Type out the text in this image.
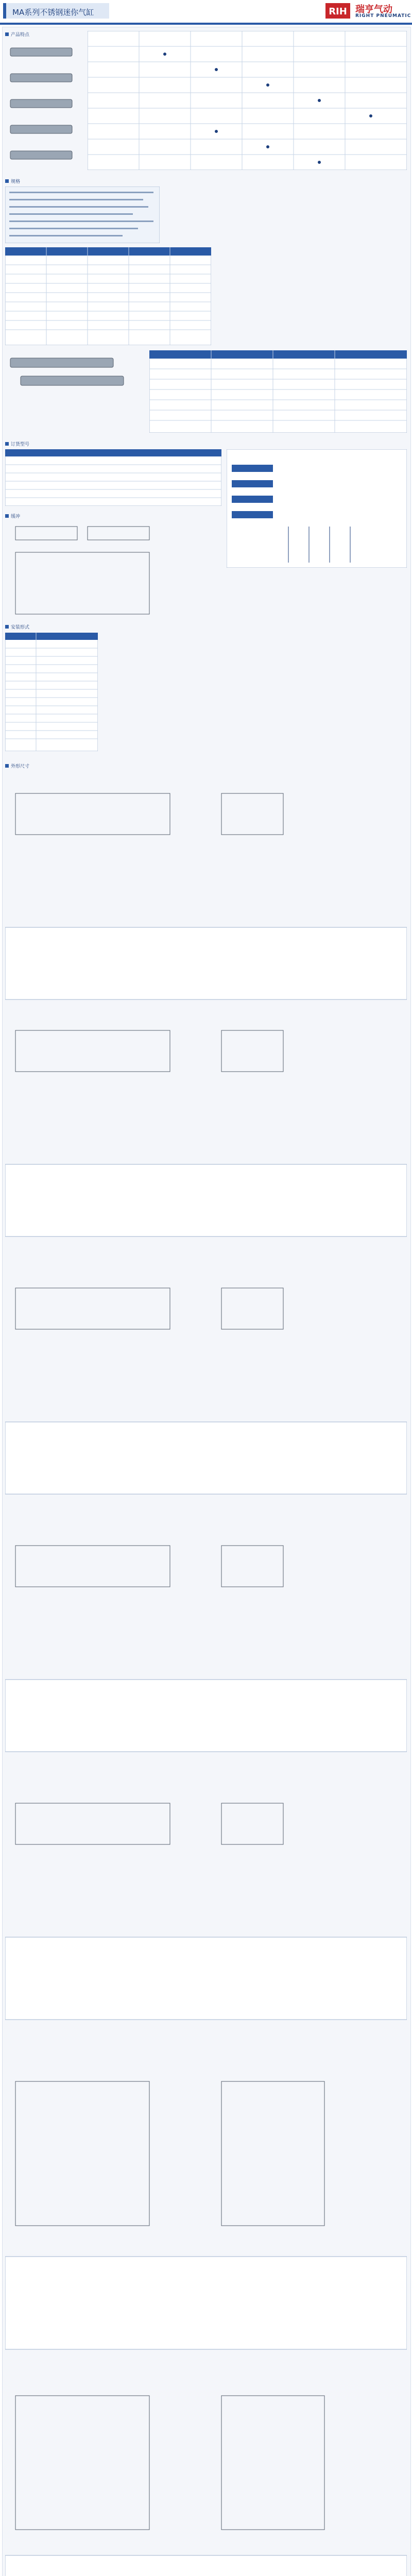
MA系列不锈钢迷你气缸	RIH 瑞亨气动
RIGHT PNEUMATIC
产品特点
规格
订货型号
缓冲
安装形式
外形尺寸
